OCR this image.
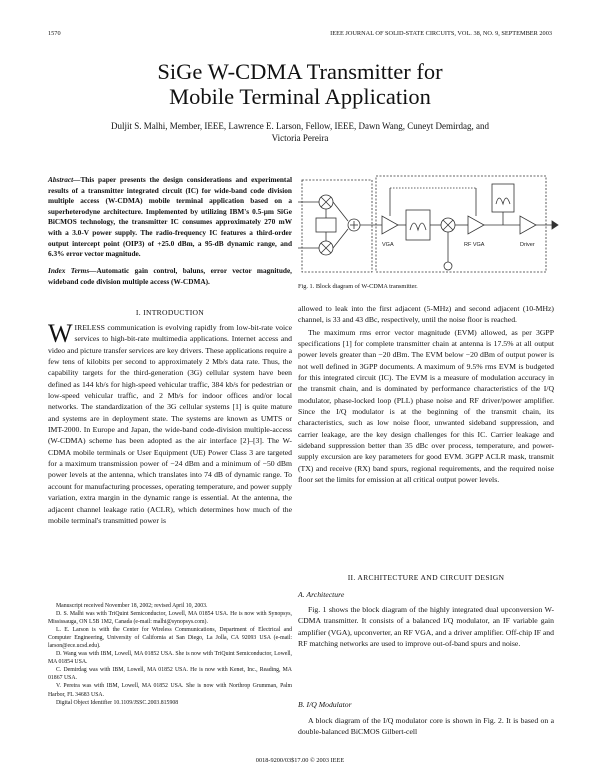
1570	IEEE JOURNAL OF SOLID-STATE CIRCUITS, VOL. 38, NO. 9, SEPTEMBER 2003
SiGe W-CDMA Transmitter for
Mobile Terminal Application
Duljit S. Malhi, Member, IEEE, Lawrence E. Larson, Fellow, IEEE, Dawn Wang, Cuneyt Demirdag, and
Victoria Pereira
Abstract—This paper presents the design considerations and experimental results of a transmitter integrated circuit (IC) for wide-band code division multiple access (W-CDMA) mobile terminal application based on a superheterodyne architecture. Implemented by utilizing IBM's 0.5-μm SiGe BiCMOS technology, the transmitter IC consumes approximately 270 mW with a 3.0-V power supply. The radio-frequency IC features a third-order output intercept point (OIP3) of +25.0 dBm, a 95-dB dynamic range, and 6.3% error vector magnitude.
Index Terms—Automatic gain control, baluns, error vector magnitude, wideband code division multiple access (W-CDMA).
I. INTRODUCTION
WIRELESS communication is evolving rapidly from low-bit-rate voice services to high-bit-rate multimedia applications. Internet access and video and picture transfer services are key drivers. These applications require a few tens of kilobits per second to approximately 2 Mb/s data rate. Thus, the capability targets for the third-generation (3G) cellular system have been defined as 144 kb/s for high-speed vehicular traffic, 384 kb/s for pedestrian or low-speed vehicular traffic, and 2 Mb/s for indoor offices and/or local networks. The standardization of the 3G cellular systems [1] is quite mature and systems are in deployment state. The systems are known as UMTS or IMT-2000. In Europe and Japan, the wide-band code-division multiple-access (W-CDMA) scheme has been adopted as the air interface [2]–[3]. The W-CDMA mobile terminals or User Equipment (UE) Power Class 3 are targeted for a maximum transmission power of −24 dBm and a minimum of −50 dBm power levels at the antenna, which translates into 74 dB of dynamic range. To account for manufacturing processes, operating temperature, and power supply variation, extra margin in the dynamic range is essential. At the antenna, the adjacent channel leakage ratio (ACLR), which determines how much of the mobile terminal's transmitted power is

Manuscript received November 18, 2002; revised April 10, 2003.

D. S. Malhi was with TriQuint Semiconductor, Lowell, MA 01854 USA. He is now with Synopsys, Mississauga, ON L5B 1M2, Canada (e-mail: malhi@synopsys.com).

L. E. Larson is with the Center for Wireless Communications, Department of Electrical and Computer Engineering, University of California at San Diego, La Jolla, CA 92093 USA (e-mail: larson@ece.ucsd.edu).

D. Wang was with IBM, Lowell, MA 01852 USA. She is now with TriQuint Semiconductor, Lowell, MA 01854 USA.

C. Demirdag was with IBM, Lowell, MA 01852 USA. He is now with Kenet, Inc., Reading, MA 01867 USA.

V. Pereira was with IBM, Lowell, MA 01852 USA. She is now with Northrop Grumman, Palm Harbor, FL 34683 USA.

Digital Object Identifier 10.1109/JSSC.2003.815908

VGA	RF VGA	Driver
Fig. 1. Block diagram of W-CDMA transmitter.

allowed to leak into the first adjacent (5-MHz) and second adjacent (10-MHz) channel, is 33 and 43 dBc, respectively, until the noise floor is reached.

The maximum rms error vector magnitude (EVM) allowed, as per 3GPP specifications [1] for complete transmitter chain at antenna is 17.5% at all output power levels greater than −20 dBm. The EVM below −20 dBm of output power is not well defined in 3GPP documents. A maximum of 9.5% rms EVM is budgeted for this integrated circuit (IC). The EVM is a measure of modulation accuracy in the transmit chain, and is dominated by performance characteristics of the I/Q modulator, phase-locked loop (PLL) phase noise and RF driver/power amplifier. Since the I/Q modulator is at the beginning of the transmit chain, its characteristics, such as low noise floor, unwanted sideband suppression, and carrier leakage, are the key design challenges for this IC. Carrier leakage and sideband suppression better than 35 dBc over process, temperature, and power-supply excursion are key parameters for good EVM. 3GPP ACLR mask, transmit (TX) and receive (RX) band spurs, regional requirements, and the required noise floor set the limits for emission at all critical output power levels.

II. ARCHITECTURE AND CIRCUIT DESIGN
A. Architecture

Fig. 1 shows the block diagram of the highly integrated dual upconversion W-CDMA transmitter. It consists of a balanced I/Q modulator, an IF variable gain amplifier (VGA), upconverter, an RF VGA, and a driver amplifier. Off-chip IF and RF matching networks are used to improve out-of-band spurs and noise.

B. I/Q Modulator

A block diagram of the I/Q modulator core is shown in Fig. 2. It is based on a double-balanced BiCMOS Gilbert-cell

0018-9200/03$17.00 © 2003 IEEE
